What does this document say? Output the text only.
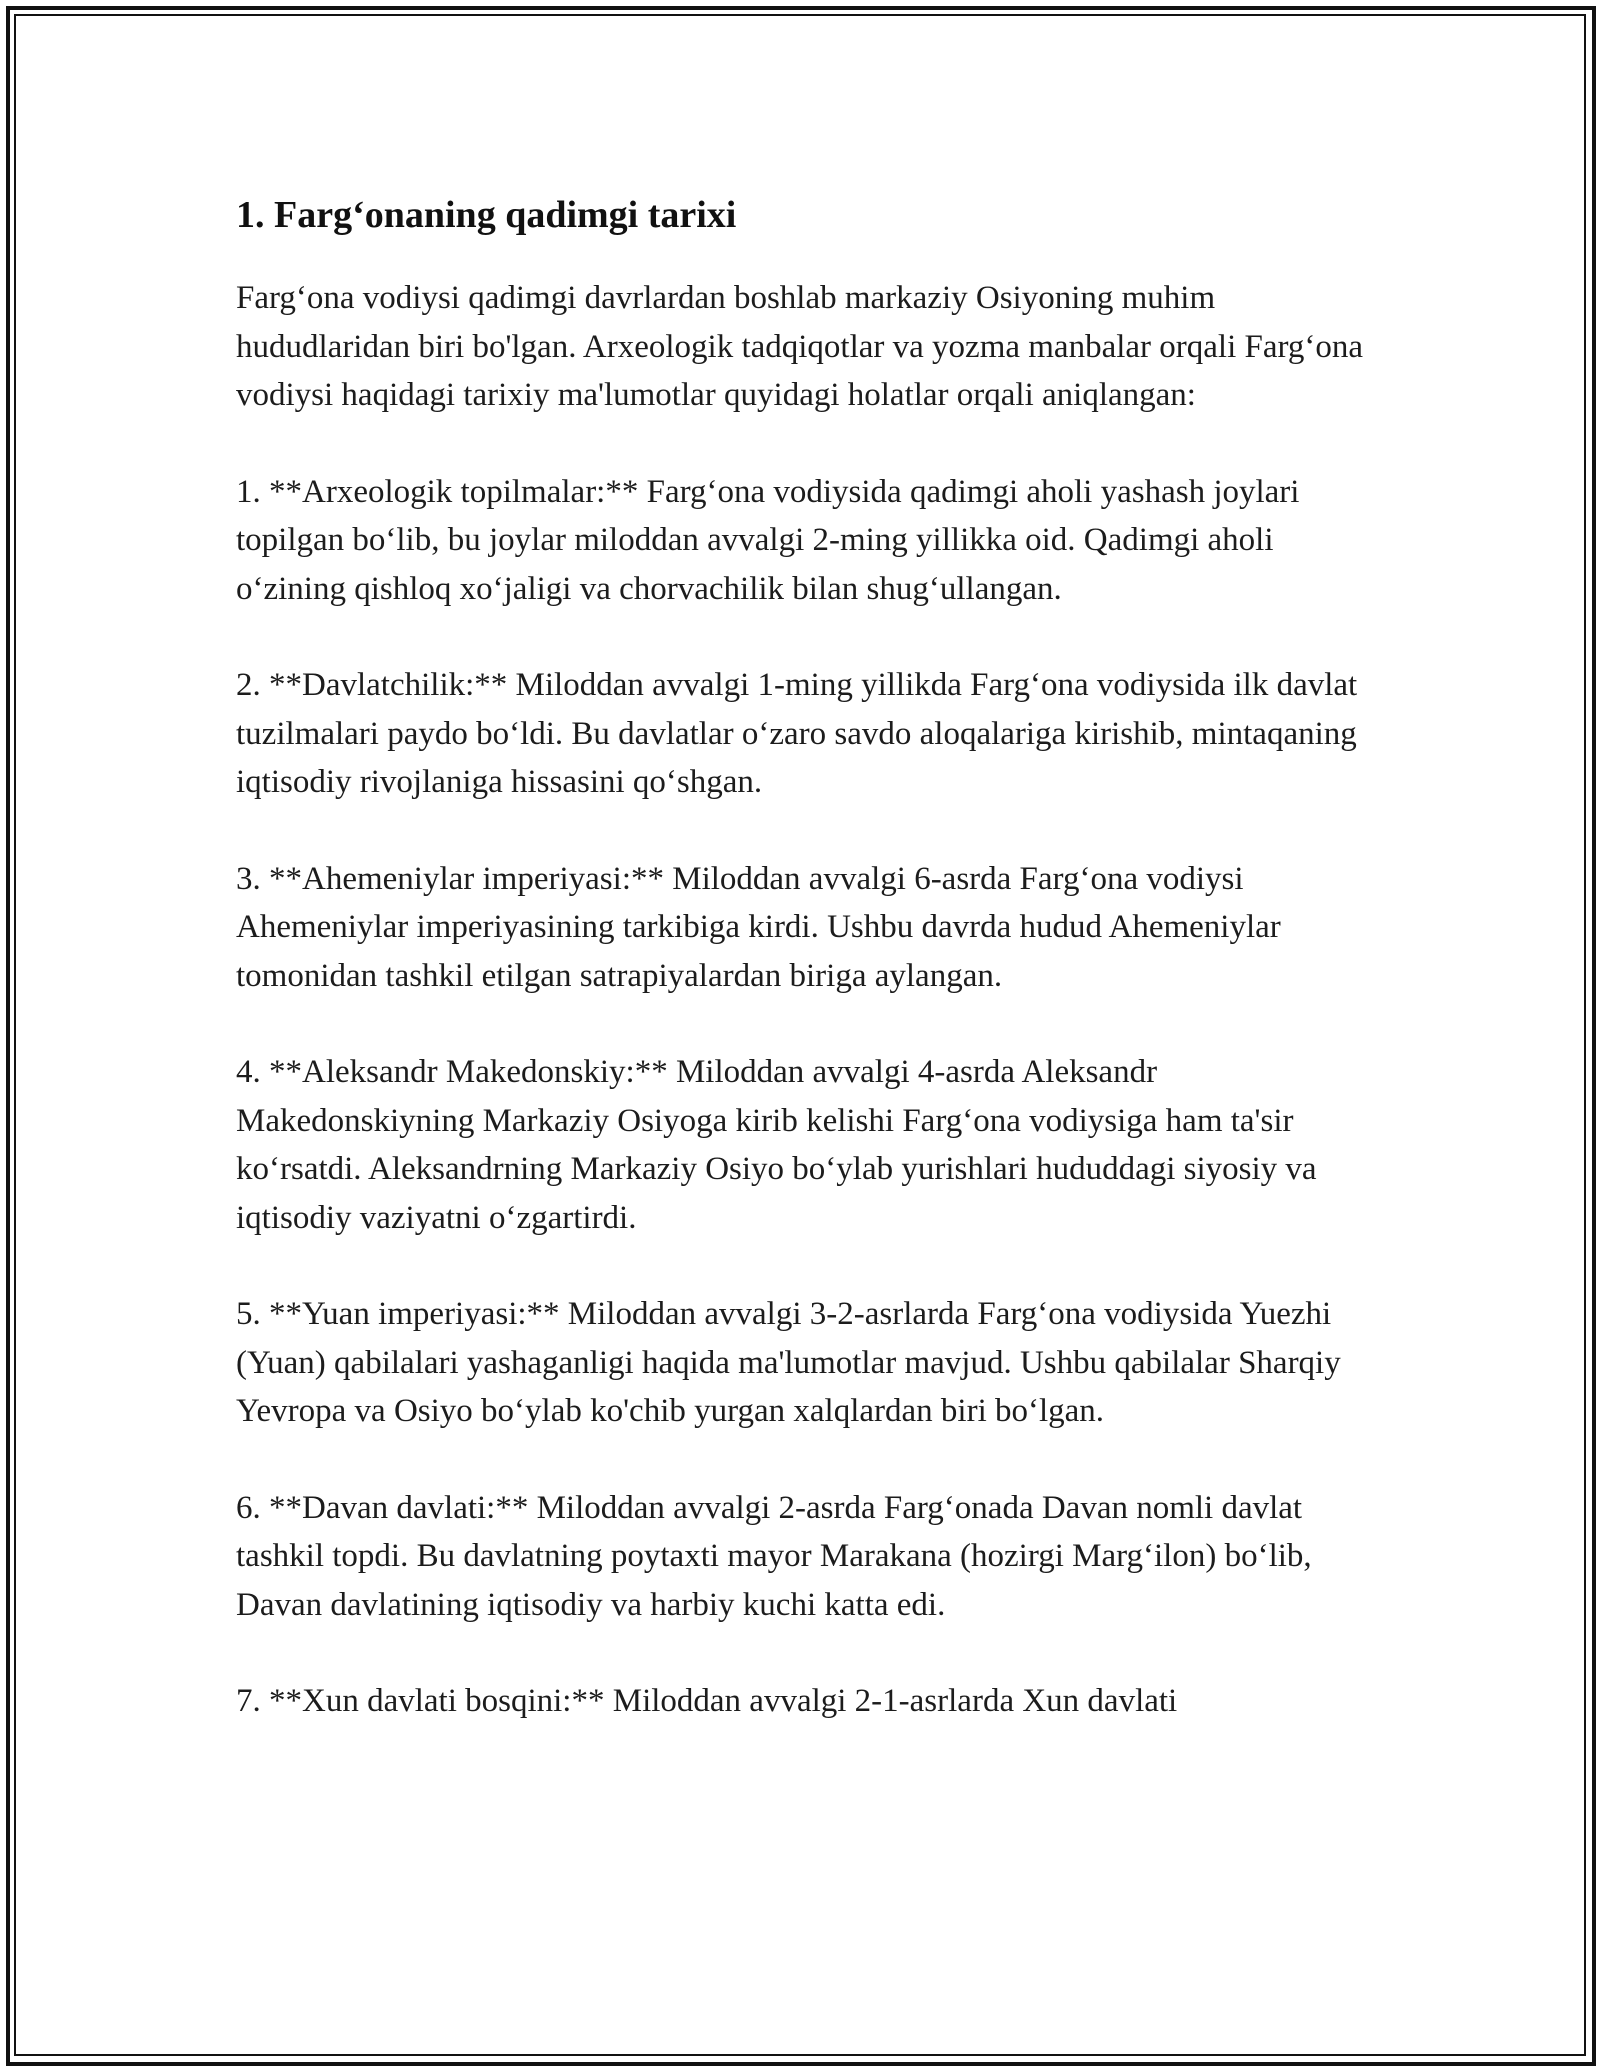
1. Farg‘onaning qadimgi tarixi

Farg‘ona vodiysi qadimgi davrlardan boshlab markaziy Osiyoning muhim hududlaridan biri bo'lgan. Arxeologik tadqiqotlar va yozma manbalar orqali Farg‘ona vodiysi haqidagi tarixiy ma'lumotlar quyidagi holatlar orqali aniqlangan:

1. **Arxeologik topilmalar:** Farg‘ona vodiysida qadimgi aholi yashash joylari topilgan bo‘lib, bu joylar miloddan avvalgi 2-ming yillikka oid. Qadimgi aholi o‘zining qishloq xo‘jaligi va chorvachilik bilan shug‘ullangan.

2. **Davlatchilik:** Miloddan avvalgi 1-ming yillikda Farg‘ona vodiysida ilk davlat tuzilmalari paydo bo‘ldi. Bu davlatlar o‘zaro savdo aloqalariga kirishib, mintaqaning iqtisodiy rivojlaniga hissasini qo‘shgan.

3. **Ahemeniylar imperiyasi:** Miloddan avvalgi 6-asrda Farg‘ona vodiysi Ahemeniylar imperiyasining tarkibiga kirdi. Ushbu davrda hudud Ahemeniylar tomonidan tashkil etilgan satrapiyalardan biriga aylangan.

4. **Aleksandr Makedonskiy:** Miloddan avvalgi 4-asrda Aleksandr Makedonskiyning Markaziy Osiyoga kirib kelishi Farg‘ona vodiysiga ham ta'sir ko‘rsatdi. Aleksandrning Markaziy Osiyo bo‘ylab yurishlari hududdagi siyosiy va iqtisodiy vaziyatni o‘zgartirdi.

5. **Yuan imperiyasi:** Miloddan avvalgi 3-2-asrlarda Farg‘ona vodiysida Yuezhi (Yuan) qabilalari yashaganligi haqida ma'lumotlar mavjud. Ushbu qabilalar Sharqiy Yevropa va Osiyo bo‘ylab ko'chib yurgan xalqlardan biri bo‘lgan.

6. **Davan davlati:** Miloddan avvalgi 2-asrda Farg‘onada Davan nomli davlat tashkil topdi. Bu davlatning poytaxti mayor Marakana (hozirgi Marg‘ilon) bo‘lib, Davan davlatining iqtisodiy va harbiy kuchi katta edi.

7. **Xun davlati bosqini:** Miloddan avvalgi 2-1-asrlarda Xun davlati
